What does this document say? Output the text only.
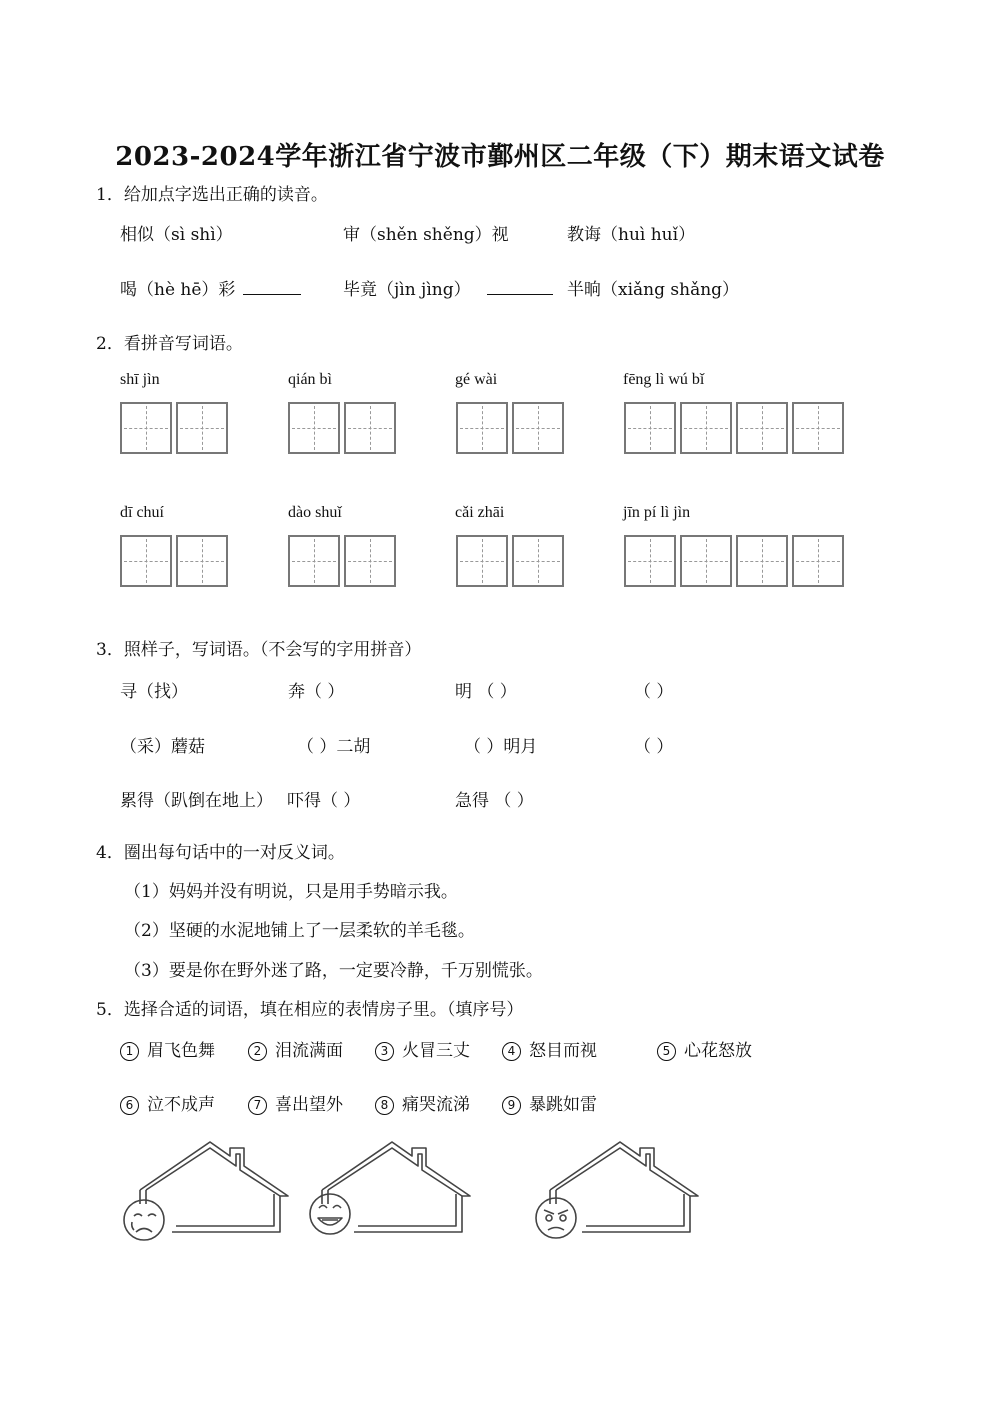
2023-2024学年浙江省宁波市鄞州区二年级（下）期末语文试卷
1．给加点字选出正确的读音。
相似（sì shì）	审（shěn shěng）视	教诲（huì huǐ）
喝（hè hē）彩	毕竟（jìn jìng）	半晌（xiǎng shǎng）
2．看拼音写词语。
shī jìn	qián bì	gé wài	fēng lì wú bǐ
dī chuí	dào shuǐ	cǎi zhāi	jīn pí lì jìn
3．照样子，写词语。（不会写的字用拼音）
寻（找）	奔（ ）	明 （ ）	（ ）
（采）蘑菇	（ ）二胡	（ ）明月	（ ）
累得（趴倒在地上） 吓得（ ）	急得 （ ）
4．圈出每句话中的一对反义词。
（1）妈妈并没有明说，只是用手势暗示我。
（2）坚硬的水泥地铺上了一层柔软的羊毛毯。
（3）要是你在野外迷了路，一定要冷静，千万别慌张。
5．选择合适的词语，填在相应的表情房子里。（填序号）
1 眉飞色舞	2 泪流满面	3 火冒三丈	4 怒目而视	5 心花怒放
6 泣不成声	7 喜出望外	8 痛哭流涕	9 暴跳如雷
